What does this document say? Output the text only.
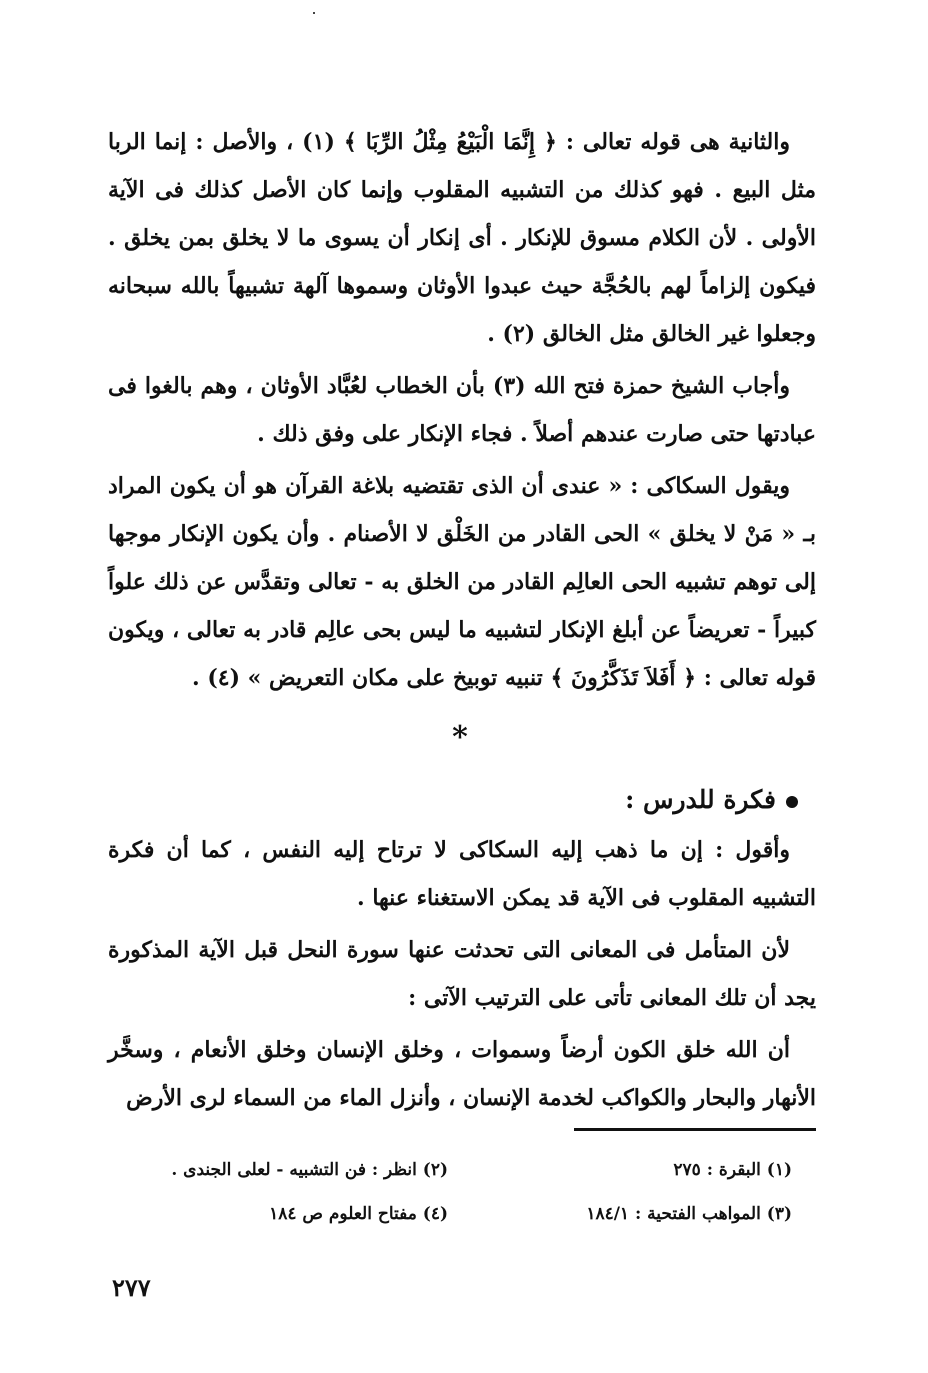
والثانية هى قوله تعالى : ﴿ إِنَّمَا الْبَيْعُ مِثْلُ الرِّبَا ﴾ (١) ، والأصل : إنما الربا مثل البيع . فهو كذلك من التشبيه المقلوب وإنما كان الأصل كذلك فى الآية الأولى . لأن الكلام مسوق للإنكار . أى إنكار أن يسوى ما لا يخلق بمن يخلق . فيكون إلزاماً لهم بالحُجَّة حيث عبدوا الأوثان وسموها آلهة تشبيهاً بالله سبحانه وجعلوا غير الخالق مثل الخالق (٢) .

وأجاب الشيخ حمزة فتح الله (٣) بأن الخطاب لعُبَّاد الأوثان ، وهم بالغوا فى عبادتها حتى صارت عندهم أصلاً . فجاء الإنكار على وفق ذلك .

ويقول السكاكى : « عندى أن الذى تقتضيه بلاغة القرآن هو أن يكون المراد بـ « مَنْ لا يخلق » الحى القادر من الخَلْق لا الأصنام . وأن يكون الإنكار موجها إلى توهم تشبيه الحى العالِم القادر من الخلق به - تعالى وتقدَّس عن ذلك علواً كبيراً - تعريضاً عن أبلغ الإنكار لتشبيه ما ليس بحى عالِم قادر به تعالى ، ويكون قوله تعالى : ﴿ أَفَلاَ تَذَكَّرُونَ ﴾ تنبيه توبيخ على مكان التعريض » (٤) .

*
فكرة للدرس :

وأقول : إن ما ذهب إليه السكاكى لا ترتاح إليه النفس ، كما أن فكرة التشبيه المقلوب فى الآية قد يمكن الاستغناء عنها .

لأن المتأمل فى المعانى التى تحدثت عنها سورة النحل قبل الآية المذكورة يجد أن تلك المعانى تأتى على الترتيب الآتى :

أن الله خلق الكون أرضاً وسموات ، وخلق الإنسان وخلق الأنعام ، وسخَّر الأنهار والبحار والكواكب لخدمة الإنسان ، وأنزل الماء من السماء لرى الأرض

(١) البقرة : ٢٧٥
(٢) انظر : فن التشبيه - لعلى الجندى .
(٣) المواهب الفتحية : ١٨٤/١
(٤) مفتاح العلوم ص ١٨٤
٢٧٧
